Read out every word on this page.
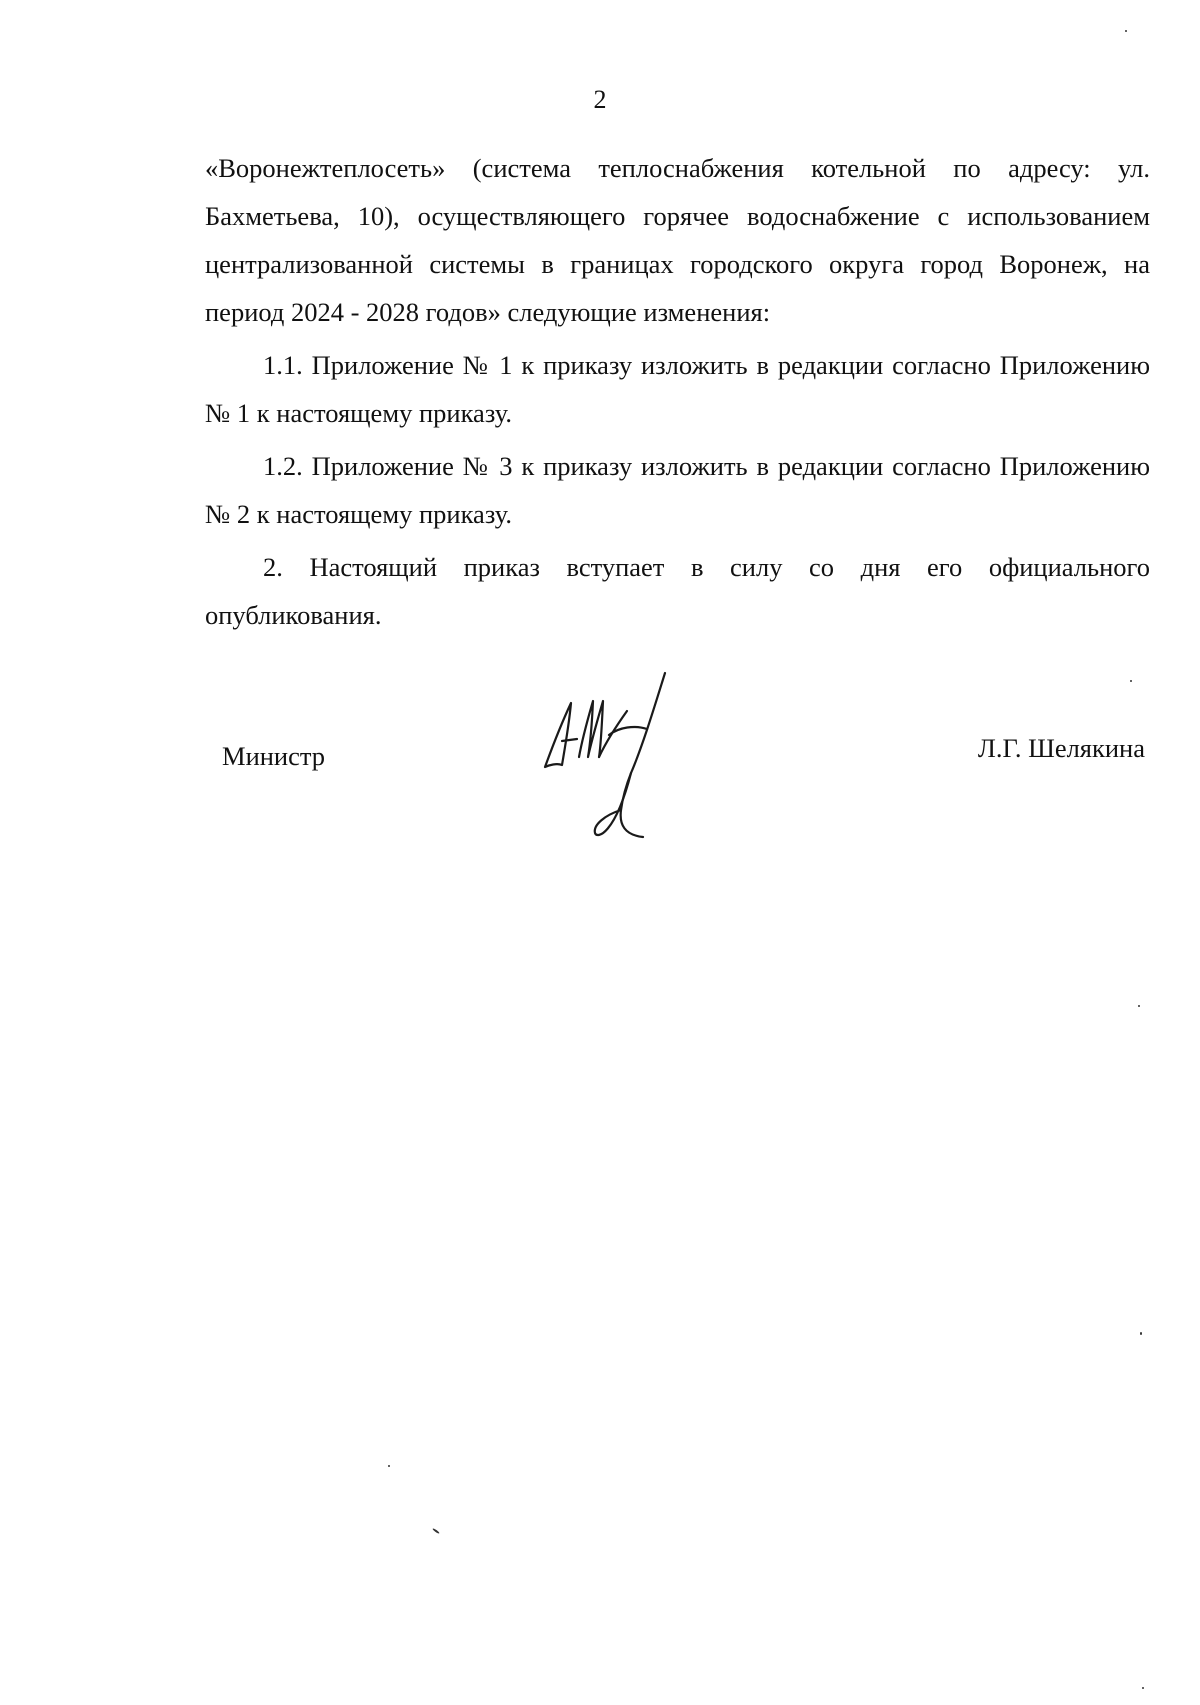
2

«Воронежтеплосеть» (система теплоснабжения котельной по адресу: ул. Бахметьева, 10), осуществляющего горячее водоснабжение с использованием централизованной системы в границах городского округа город Воронеж, на период 2024 - 2028 годов» следующие изменения:

1.1. Приложение № 1 к приказу изложить в редакции согласно Приложению № 1 к настоящему приказу.

1.2. Приложение № 3 к приказу изложить в редакции согласно Приложению № 2 к настоящему приказу.

2. Настоящий приказ вступает в силу со дня его официального опубликования.

Министр	Л.Г. Шелякина
